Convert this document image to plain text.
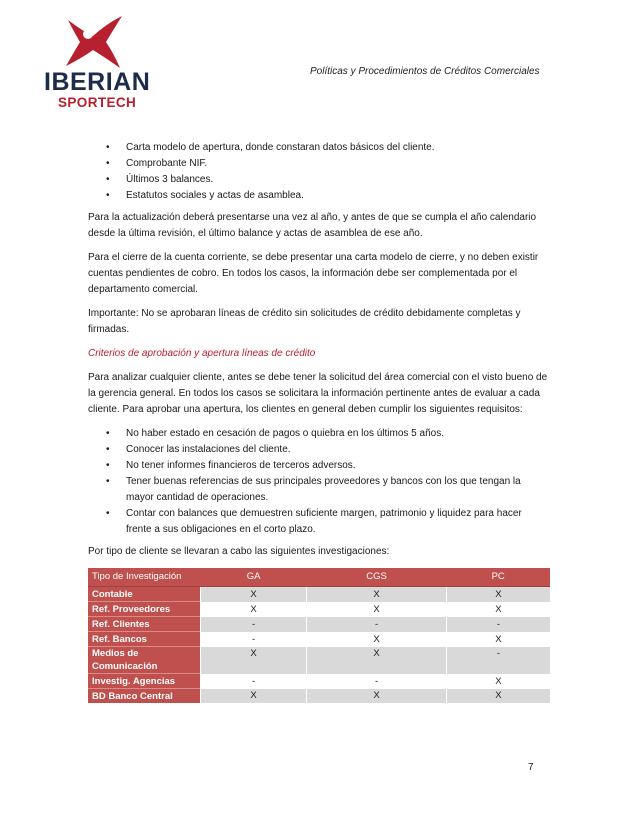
IBERIAN
SPORTECH
Políticas y Procedimientos de Créditos Comerciales
• Carta modelo de apertura, donde constaran datos básicos del cliente.
• Comprobante NIF.
• Últimos 3 balances.
• Estatutos sociales y actas de asamblea.

Para la actualización deberá presentarse una vez al año, y antes de que se cumpla el año calendario desde la última revisión, el último balance y actas de asamblea de ese año.

Para el cierre de la cuenta corriente, se debe presentar una carta modelo de cierre, y no deben existir cuentas pendientes de cobro. En todos los casos, la información debe ser complementada por el departamento comercial.

Importante: No se aprobaran líneas de crédito sin solicitudes de crédito debidamente completas y firmadas.

Criterios de aprobación y apertura líneas de crédito

Para analizar cualquier cliente, antes se debe tener la solicitud del área comercial con el visto bueno de la gerencia general. En todos los casos se solicitara la información pertinente antes de evaluar a cada cliente. Para aprobar una apertura, los clientes en general deben cumplir los siguientes requisitos:

• No haber estado en cesación de pagos o quiebra en los últimos 5 años.
• Conocer las instalaciones del cliente.
• No tener informes financieros de terceros adversos.
• Tener buenas referencias de sus principales proveedores y bancos con los que tengan la mayor cantidad de operaciones.
• Contar con balances que demuestren suficiente margen, patrimonio y liquidez para hacer frente a sus obligaciones en el corto plazo.

Por tipo de cliente se llevaran a cabo las siguientes investigaciones:

Tipo de Investigación	GA	CGS	PC
Contable	X	X	X
Ref. Proveedores	X	X	X
Ref. Clientes	-	-	-
Ref. Bancos	-	X	X
Medios de Comunicación	X	X	-
Investig. Agencias	-	-	X
BD Banco Central	X	X	X
7
